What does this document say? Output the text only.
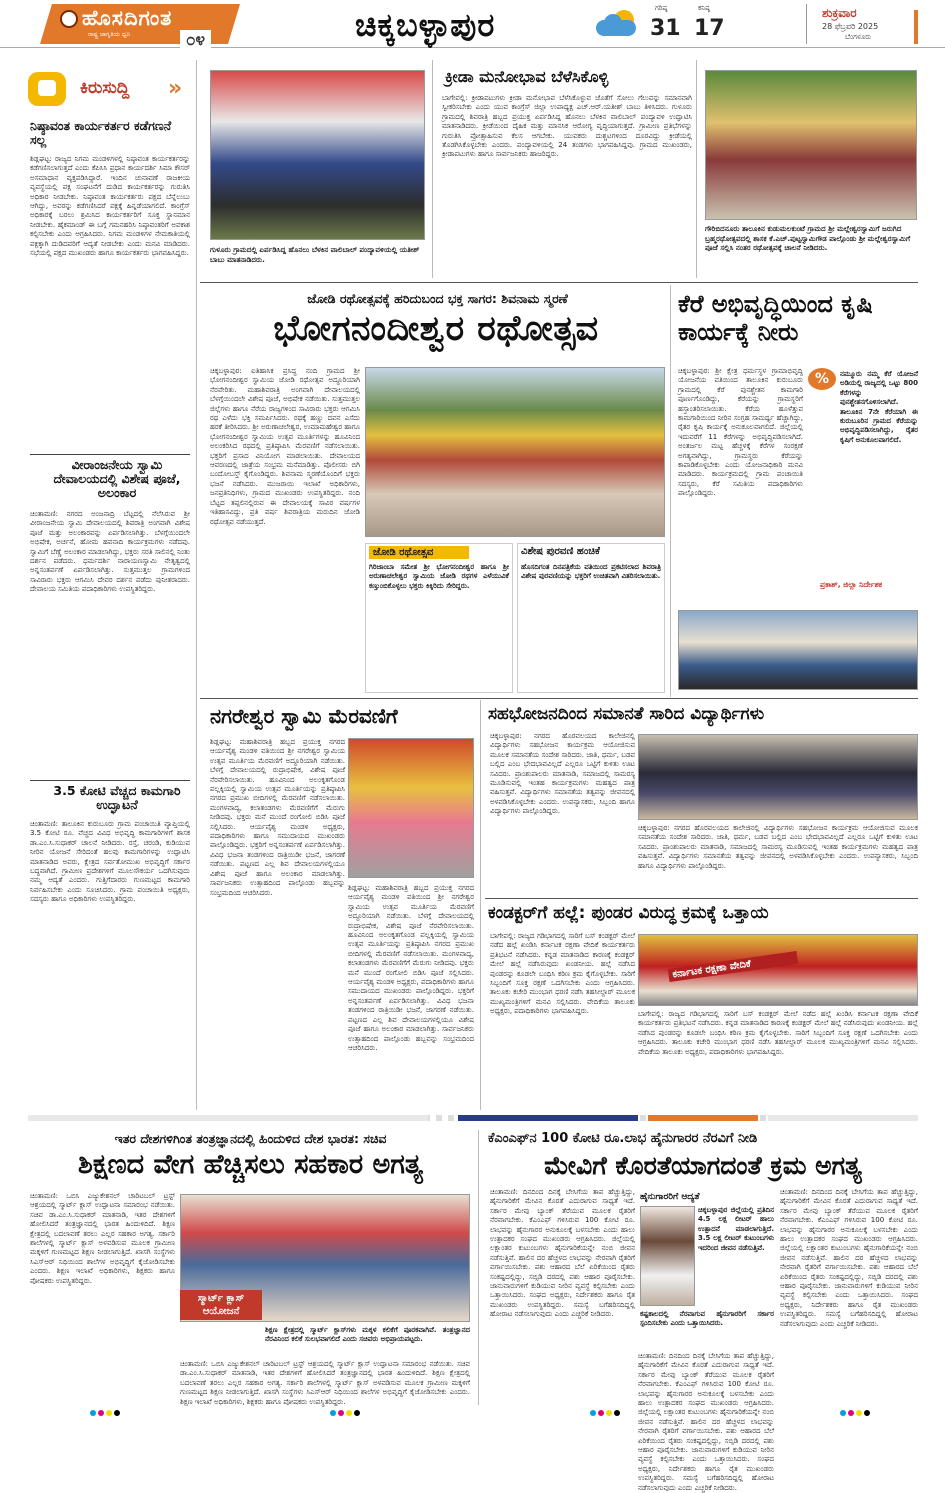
ಹೊಸದಿಗಂತ
ರಾಷ್ಟ್ರ ಜಾಗೃತಿಯ ಧ್ವನಿ	೦೪	ಚಿಕ್ಕಬಳ್ಳಾಪುರ	ಗರಿಷ್ಠ
31
ಕನಿಷ್ಠ
17
ಶುಕ್ರವಾರ
28 ಫೆಬ್ರವರಿ 2025
ಬೆಂಗಳೂರು
ಕಿರುಸುದ್ದಿ »
ನಿಷ್ಠಾವಂತ ಕಾರ್ಯಕರ್ತರ ಕಡೆಗಣನೆ ಸಲ್ಲ
ಶಿಡ್ಲಘಟ್ಟ: ರಾಜ್ಯದ ನಿಗಮ ಮಂಡಳಿಗಳಲ್ಲಿ ನಿಷ್ಠಾವಂತ ಕಾರ್ಯಕರ್ತರನ್ನು ಕಡೆಗಣಿಸಲಾಗುತ್ತದೆ ಎಂದು ಕೆಪಿಸಿಸಿ ಪ್ರಧಾನ ಕಾರ್ಯದರ್ಶಿ ಸಿಮಾ ಕೌಸರ್ ಅಸಮಾಧಾನ ವ್ಯಕ್ತಪಡಿಸಿದ್ದಾರೆ. ಇಂದಿನ ಚುನಾವಣೆ ರಾಜಕೀಯ ವ್ಯವಸ್ಥೆಯಲ್ಲಿ ಪಕ್ಷ ಸಂಘಟನೆಗೆ ದುಡಿದ ಕಾರ್ಯಕರ್ತರನ್ನು ಗುರುತಿಸಿ ಅಧಿಕಾರ ನೀಡಬೇಕು. ನಿಷ್ಠಾವಂತ ಕಾರ್ಯಕರ್ತರು ಪಕ್ಷದ ಬೆನ್ನೆಲುಬು ಆಗಿದ್ದು, ಅವರನ್ನು ಕಡೆಗಣಿಸಿದರೆ ಪಕ್ಷಕ್ಕೆ ಹಿನ್ನಡೆಯಾಗಲಿದೆ. ಕಾಂಗ್ರೆಸ್ ಅಧಿಕಾರಕ್ಕೆ ಬರಲು ಶ್ರಮಿಸಿದ ಕಾರ್ಯಕರ್ತರಿಗೆ ಸೂಕ್ತ ಸ್ಥಾನಮಾನ ನೀಡಬೇಕು. ಹೈಕಮಾಂಡ್ ಈ ಬಗ್ಗೆ ಗಮನಹರಿಸಿ ನಿಷ್ಠಾವಂತರಿಗೆ ಅವಕಾಶ ಕಲ್ಪಿಸಬೇಕು ಎಂದು ಆಗ್ರಹಿಸಿದರು. ನಿಗಮ ಮಂಡಳಿಗಳ ನೇಮಕಾತಿಯಲ್ಲಿ ಪಕ್ಷಕ್ಕಾಗಿ ದುಡಿದವರಿಗೆ ಆದ್ಯತೆ ನೀಡಬೇಕು ಎಂದು ಮನವಿ ಮಾಡಿದರು. ಸಭೆಯಲ್ಲಿ ಪಕ್ಷದ ಮುಖಂಡರು ಹಾಗೂ ಕಾರ್ಯಕರ್ತರು ಭಾಗವಹಿಸಿದ್ದರು.
ವೀರಾಂಜನೇಯ ಸ್ವಾಮಿ ದೇವಾಲಯದಲ್ಲಿ ವಿಶೇಷ ಪೂಜೆ, ಅಲಂಕಾರ
ಚಿಂತಾಮಣಿ: ನಗರದ ಅಂಜನಾದ್ರಿ ಬೆಟ್ಟದಲ್ಲಿ ನೆಲೆಸಿರುವ ಶ್ರೀ ವೀರಾಂಜನೇಯ ಸ್ವಾಮಿ ದೇವಾಲಯದಲ್ಲಿ ಶಿವರಾತ್ರಿ ಅಂಗವಾಗಿ ವಿಶೇಷ ಪೂಜೆ ಮತ್ತು ಅಲಂಕಾರವನ್ನು ಏರ್ಪಡಿಸಲಾಗಿತ್ತು. ಬೆಳಗ್ಗೆಯಿಂದಲೇ ಅಭಿಷೇಕ, ಅರ್ಚನೆ, ಹೋಮ ಹವನಾದಿ ಕಾರ್ಯಕ್ರಮಗಳು ನಡೆದವು. ಸ್ವಾಮಿಗೆ ಬೆಣ್ಣೆ ಅಲಂಕಾರ ಮಾಡಲಾಗಿದ್ದು, ಭಕ್ತರು ಸರತಿ ಸಾಲಿನಲ್ಲಿ ನಿಂತು ದರ್ಶನ ಪಡೆದರು. ಧರ್ಮದರ್ಶಿ ನಾರಾಯಣಸ್ವಾಮಿ ನೇತೃತ್ವದಲ್ಲಿ ಅನ್ನಸಂತರ್ಪಣೆ ಏರ್ಪಡಿಸಲಾಗಿತ್ತು. ಸುತ್ತಮುತ್ತಲ ಗ್ರಾಮಗಳಿಂದ ಸಾವಿರಾರು ಭಕ್ತರು ಆಗಮಿಸಿ ದೇವರ ದರ್ಶನ ಪಡೆದು ಪುನೀತರಾದರು. ದೇವಾಲಯ ಸಮಿತಿಯ ಪದಾಧಿಕಾರಿಗಳು ಉಪಸ್ಥಿತರಿದ್ದರು.
3.5 ಕೋಟಿ ವೆಚ್ಚದ ಕಾಮಗಾರಿ ಉದ್ಘಾಟನೆ
ಚಿಂತಾಮಣಿ: ತಾಲೂಕಿನ ಕುರುಬೂರು ಗ್ರಾಮ ಪಂಚಾಯಿತಿ ವ್ಯಾಪ್ತಿಯಲ್ಲಿ 3.5 ಕೋಟಿ ರೂ. ವೆಚ್ಚದ ವಿವಿಧ ಅಭಿವೃದ್ಧಿ ಕಾಮಗಾರಿಗಳಿಗೆ ಶಾಸಕ ಡಾ.ಎಂ.ಸಿ.ಸುಧಾಕರ್ ಚಾಲನೆ ನೀಡಿದರು. ರಸ್ತೆ, ಚರಂಡಿ, ಕುಡಿಯುವ ನೀರಿನ ಯೋಜನೆ ಸೇರಿದಂತೆ ಹಲವು ಕಾಮಗಾರಿಗಳನ್ನು ಉದ್ಘಾಟಿಸಿ ಮಾತನಾಡಿದ ಅವರು, ಕ್ಷೇತ್ರದ ಸರ್ವತೋಮುಖ ಅಭಿವೃದ್ಧಿಗೆ ಸರ್ಕಾರ ಬದ್ಧವಾಗಿದೆ. ಗ್ರಾಮೀಣ ಪ್ರದೇಶಗಳಿಗೆ ಮೂಲಸೌಕರ್ಯ ಒದಗಿಸುವುದು ನಮ್ಮ ಆದ್ಯತೆ ಎಂದರು. ಗುತ್ತಿಗೆದಾರರು ಗುಣಮಟ್ಟದ ಕಾಮಗಾರಿ ನಿರ್ವಹಿಸಬೇಕು ಎಂದು ಸೂಚಿಸಿದರು. ಗ್ರಾಮ ಪಂಚಾಯಿತಿ ಅಧ್ಯಕ್ಷರು, ಸದಸ್ಯರು ಹಾಗೂ ಅಧಿಕಾರಿಗಳು ಉಪಸ್ಥಿತರಿದ್ದರು.
ಗುಳೂರು ಗ್ರಾಮದಲ್ಲಿ ಏರ್ಪಡಿಸಿದ್ದ ಹೊನಲು ಬೆಳಕಿನ ವಾಲಿಬಾಲ್ ಪಂದ್ಯಾವಳಿಯಲ್ಲಿ ಯತೀಶ್ ಬಾಬು ಮಾತನಾಡಿದರು.
ಕ್ರೀಡಾ ಮನೋಭಾವ ಬೆಳೆಸಿಕೊಳ್ಳಿ
ಬಾಗೇಪಲ್ಲಿ: ಕ್ರೀಡಾಪಟುಗಳು ಕ್ರೀಡಾ ಮನೋಭಾವ ಬೆಳೆಸಿಕೊಳ್ಳುವ ಜೊತೆಗೆ ಸೋಲು ಗೆಲುವನ್ನು ಸಮಾನವಾಗಿ ಸ್ವೀಕರಿಸಬೇಕು ಎಂದು ಯುವ ಕಾಂಗ್ರೆಸ್ ಜಿಲ್ಲಾ ಉಪಾಧ್ಯಕ್ಷ ಎಚ್.ಆರ್.ಯತೀಶ್ ಬಾಬು ತಿಳಿಸಿದರು. ಗುಳೂರು ಗ್ರಾಮದಲ್ಲಿ ಶಿವರಾತ್ರಿ ಹಬ್ಬದ ಪ್ರಯುಕ್ತ ಏರ್ಪಡಿಸಿದ್ದ ಹೊನಲು ಬೆಳಕಿನ ವಾಲಿಬಾಲ್ ಪಂದ್ಯಾವಳಿ ಉದ್ಘಾಟಿಸಿ ಮಾತನಾಡಿದರು. ಕ್ರೀಡೆಯಿಂದ ದೈಹಿಕ ಮತ್ತು ಮಾನಸಿಕ ಆರೋಗ್ಯ ವೃದ್ಧಿಯಾಗುತ್ತದೆ. ಗ್ರಾಮೀಣ ಪ್ರತಿಭೆಗಳನ್ನು ಗುರುತಿಸಿ ಪ್ರೋತ್ಸಾಹಿಸುವ ಕೆಲಸ ಆಗಬೇಕು. ಯುವಕರು ದುಶ್ಚಟಗಳಿಂದ ದೂರವಿದ್ದು ಕ್ರೀಡೆಯಲ್ಲಿ ತೊಡಗಿಸಿಕೊಳ್ಳಬೇಕು ಎಂದರು. ಪಂದ್ಯಾವಳಿಯಲ್ಲಿ 24 ತಂಡಗಳು ಭಾಗವಹಿಸಿದ್ದವು. ಗ್ರಾಮದ ಮುಖಂಡರು, ಕ್ರೀಡಾಪಟುಗಳು ಹಾಗೂ ಸಾರ್ವಜನಿಕರು ಹಾಜರಿದ್ದರು.
ಗೌರಿಬಿದನೂರು ತಾಲೂಕಿನ ಕುಡುಮಲಕುಂಟೆ ಗ್ರಾಮದ ಶ್ರೀ ಮಲ್ಲೇಶ್ವರಸ್ವಾಮಿಗೆ ಜರುಗಿದ ಬ್ರಹ್ಮರಥೋತ್ಸವದಲ್ಲಿ ಶಾಸಕ ಕೆ.ಎಚ್.ಪುಟ್ಟಸ್ವಾಮಿಗೌಡ ಪಾಲ್ಗೊಂಡು ಶ್ರೀ ಮಲ್ಲೇಶ್ವರಸ್ವಾಮಿಗೆ ಪೂಜೆ ಸಲ್ಲಿಸಿ ನಂತರ ರಥೋತ್ಸವಕ್ಕೆ ಚಾಲನೆ ನೀಡಿದರು.
ಜೋಡಿ ರಥೋತ್ಸವಕ್ಕೆ ಹರಿದುಬಂದ ಭಕ್ತ ಸಾಗರ: ಶಿವನಾಮ ಸ್ಮರಣೆ
ಭೋಗನಂದೀಶ್ವರ ರಥೋತ್ಸವ
ಚಿಕ್ಕಬಳ್ಳಾಪುರ: ಐತಿಹಾಸಿಕ ಪ್ರಸಿದ್ಧ ನಂದಿ ಗ್ರಾಮದ ಶ್ರೀ ಭೋಗನಂದೀಶ್ವರ ಸ್ವಾಮಿಯ ಜೋಡಿ ರಥೋತ್ಸವ ಅದ್ಧೂರಿಯಾಗಿ ನೆರವೇರಿತು. ಮಹಾಶಿವರಾತ್ರಿ ಅಂಗವಾಗಿ ದೇವಾಲಯದಲ್ಲಿ ಬೆಳಗ್ಗೆಯಿಂದಲೇ ವಿಶೇಷ ಪೂಜೆ, ಅಭಿಷೇಕ ನಡೆಯಿತು. ಸುತ್ತಮುತ್ತಲ ಜಿಲ್ಲೆಗಳು ಹಾಗೂ ನೆರೆಯ ರಾಜ್ಯಗಳಿಂದ ಸಾವಿರಾರು ಭಕ್ತರು ಆಗಮಿಸಿ ರಥ ಎಳೆದು ಭಕ್ತಿ ಸಮರ್ಪಿಸಿದರು. ರಥಕ್ಕೆ ಹಣ್ಣು ದವನ ಎಸೆದು ಹರಕೆ ತೀರಿಸಿದರು. ಶ್ರೀ ಅರುಣಾಚಲೇಶ್ವರ, ಉಮಾಮಹೇಶ್ವರ ಹಾಗೂ ಭೋಗನಂದೀಶ್ವರ ಸ್ವಾಮಿಯ ಉತ್ಸವ ಮೂರ್ತಿಗಳನ್ನು ಹೂವಿನಿಂದ ಅಲಂಕರಿಸಿದ ರಥದಲ್ಲಿ ಪ್ರತಿಷ್ಠಾಪಿಸಿ ಮೆರವಣಿಗೆ ನಡೆಸಲಾಯಿತು. ಭಕ್ತರಿಗೆ ಪ್ರಸಾದ ವಿನಿಯೋಗ ಮಾಡಲಾಯಿತು. ದೇವಾಲಯದ ಆವರಣದಲ್ಲಿ ಜಾತ್ರೆಯ ಸಂಭ್ರಮ ಮನೆಮಾಡಿತ್ತು. ಪೊಲೀಸರು ಬಿಗಿ ಬಂದೋಬಸ್ತ್ ಕೈಗೊಂಡಿದ್ದರು. ಶಿವನಾಮ ಸ್ಮರಣೆಯೊಂದಿಗೆ ಭಕ್ತರು ಭಜನೆ ನಡೆಸಿದರು. ಮುಜರಾಯಿ ಇಲಾಖೆ ಅಧಿಕಾರಿಗಳು, ಜನಪ್ರತಿನಿಧಿಗಳು, ಗ್ರಾಮದ ಮುಖಂಡರು ಉಪಸ್ಥಿತರಿದ್ದರು. ನಂದಿ ಬೆಟ್ಟದ ತಪ್ಪಲಿನಲ್ಲಿರುವ ಈ ದೇವಾಲಯಕ್ಕೆ ಸಾವಿರ ವರ್ಷಗಳ ಇತಿಹಾಸವಿದ್ದು, ಪ್ರತಿ ವರ್ಷ ಶಿವರಾತ್ರಿಯ ಮರುದಿನ ಜೋಡಿ ರಥೋತ್ಸವ ನಡೆಯುತ್ತದೆ.
ಜೋಡಿ ರಥೋತ್ಸವ
ಗಿರಿಜಾಂಬಾ ಸಮೇತ ಶ್ರೀ ಭೋಗನಂದೀಶ್ವರ ಹಾಗೂ ಶ್ರೀ ಅರುಣಾಚಲೇಶ್ವರ ಸ್ವಾಮಿಯ ಜೋಡಿ ರಥಗಳ ಎಳೆಯುವಿಕೆ ಕಣ್ತುಂಬಿಕೊಳ್ಳಲು ಭಕ್ತರು ಕಿಕ್ಕಿರಿದು ಸೇರಿದ್ದರು.
ವಿಶೇಷ ಪುರವಣಿ ಹಂಚಿಕೆ
ಹೊಸದಿಗಂತ ದಿನಪತ್ರಿಕೆಯ ವತಿಯಿಂದ ಪ್ರಕಟಿಸಲಾದ ಶಿವರಾತ್ರಿ ವಿಶೇಷ ಪುರವಣಿಯನ್ನು ಭಕ್ತರಿಗೆ ಉಚಿತವಾಗಿ ವಿತರಿಸಲಾಯಿತು.
ಕೆರೆ ಅಭಿವೃದ್ಧಿಯಿಂದ ಕೃಷಿ ಕಾರ್ಯಕ್ಕೆ ನೀರು
ಚಿಕ್ಕಬಳ್ಳಾಪುರ: ಶ್ರೀ ಕ್ಷೇತ್ರ ಧರ್ಮಸ್ಥಳ ಗ್ರಾಮಾಭಿವೃದ್ಧಿ ಯೋಜನೆಯ ವತಿಯಿಂದ ತಾಲೂಕಿನ ಕುರುಬೂರು ಗ್ರಾಮದಲ್ಲಿ ಕೆರೆ ಪುನಶ್ಚೇತನ ಕಾಮಗಾರಿ ಪೂರ್ಣಗೊಂಡಿದ್ದು, ಕೆರೆಯನ್ನು ಗ್ರಾಮಸ್ಥರಿಗೆ ಹಸ್ತಾಂತರಿಸಲಾಯಿತು. ಕೆರೆಯ ಹೂಳೆತ್ತುವ ಕಾಮಗಾರಿಯಿಂದ ನೀರಿನ ಸಂಗ್ರಹ ಸಾಮರ್ಥ್ಯ ಹೆಚ್ಚಾಗಿದ್ದು, ರೈತರ ಕೃಷಿ ಕಾರ್ಯಕ್ಕೆ ಅನುಕೂಲವಾಗಲಿದೆ. ಜಿಲ್ಲೆಯಲ್ಲಿ ಇದುವರೆಗೆ 11 ಕೆರೆಗಳನ್ನು ಅಭಿವೃದ್ಧಿಪಡಿಸಲಾಗಿದೆ. ಅಂತರ್ಜಲ ಮಟ್ಟ ಹೆಚ್ಚಳಕ್ಕೆ ಕೆರೆಗಳ ಸಂರಕ್ಷಣೆ ಅಗತ್ಯವಾಗಿದ್ದು, ಗ್ರಾಮಸ್ಥರು ಕೆರೆಯನ್ನು ಕಾಪಾಡಿಕೊಳ್ಳಬೇಕು ಎಂದು ಯೋಜನಾಧಿಕಾರಿ ಮನವಿ ಮಾಡಿದರು. ಕಾರ್ಯಕ್ರಮದಲ್ಲಿ ಗ್ರಾಮ ಪಂಚಾಯಿತಿ ಸದಸ್ಯರು, ಕೆರೆ ಸಮಿತಿಯ ಪದಾಧಿಕಾರಿಗಳು ಪಾಲ್ಗೊಂಡಿದ್ದರು.
%	ನಮ್ಮೂರು ನಮ್ಮ ಕೆರೆ ಯೋಜನೆ ಅಡಿಯಲ್ಲಿ ರಾಜ್ಯದಲ್ಲಿ ಒಟ್ಟು 800 ಕೆರೆಗಳನ್ನು ಪುನಶ್ಚೇತನಗೊಳಿಸಲಾಗಿದೆ. ತಾಲೂಕಿನ 7ನೇ ಕೆರೆಯಾಗಿ ಈ ಕುರುಬೂರಿನ ಗ್ರಾಮದ ಕೆರೆಯನ್ನು ಅಭಿವೃದ್ಧಿಪಡಿಸಲಾಗಿದ್ದು, ರೈತರ ಕೃಷಿಗೆ ಅನುಕೂಲವಾಗಲಿದೆ.
ಪ್ರಕಾಶ್, ಜಿಲ್ಲಾ ನಿರ್ದೇಶಕ
ನಗರೇಶ್ವರ ಸ್ವಾಮಿ ಮೆರವಣಿಗೆ
ಶಿಡ್ಲಘಟ್ಟ: ಮಹಾಶಿವರಾತ್ರಿ ಹಬ್ಬದ ಪ್ರಯುಕ್ತ ನಗರದ ಆರ್ಯವೈಶ್ಯ ಮಂಡಳಿ ವತಿಯಿಂದ ಶ್ರೀ ನಗರೇಶ್ವರ ಸ್ವಾಮಿಯ ಉತ್ಸವ ಮೂರ್ತಿಯ ಮೆರವಣಿಗೆ ಅದ್ಧೂರಿಯಾಗಿ ನಡೆಯಿತು. ಬೆಳಗ್ಗೆ ದೇವಾಲಯದಲ್ಲಿ ರುದ್ರಾಭಿಷೇಕ, ವಿಶೇಷ ಪೂಜೆ ನೆರವೇರಿಸಲಾಯಿತು. ಹೂವಿನಿಂದ ಅಲಂಕೃತಗೊಂಡ ಪಲ್ಲಕ್ಕಿಯಲ್ಲಿ ಸ್ವಾಮಿಯ ಉತ್ಸವ ಮೂರ್ತಿಯನ್ನು ಪ್ರತಿಷ್ಠಾಪಿಸಿ ನಗರದ ಪ್ರಮುಖ ಬೀದಿಗಳಲ್ಲಿ ಮೆರವಣಿಗೆ ನಡೆಸಲಾಯಿತು. ಮಂಗಳವಾದ್ಯ, ಕಲಾತಂಡಗಳು ಮೆರವಣಿಗೆಗೆ ಮೆರುಗು ನೀಡಿದವು. ಭಕ್ತರು ಮನೆ ಮುಂದೆ ರಂಗೋಲಿ ಬಿಡಿಸಿ ಪೂಜೆ ಸಲ್ಲಿಸಿದರು. ಆರ್ಯವೈಶ್ಯ ಮಂಡಳಿ ಅಧ್ಯಕ್ಷರು, ಪದಾಧಿಕಾರಿಗಳು ಹಾಗೂ ಸಮುದಾಯದ ಮುಖಂಡರು ಪಾಲ್ಗೊಂಡಿದ್ದರು. ಭಕ್ತರಿಗೆ ಅನ್ನಸಂತರ್ಪಣೆ ಏರ್ಪಡಿಸಲಾಗಿತ್ತು. ವಿವಿಧ ಭಜನಾ ತಂಡಗಳಿಂದ ರಾತ್ರಿಯಿಡೀ ಭಜನೆ, ಜಾಗರಣೆ ನಡೆಯಿತು. ಪಟ್ಟಣದ ಎಲ್ಲ ಶಿವ ದೇವಾಲಯಗಳಲ್ಲಿಯೂ ವಿಶೇಷ ಪೂಜೆ ಹಾಗೂ ಅಲಂಕಾರ ಮಾಡಲಾಗಿತ್ತು. ಸಾರ್ವಜನಿಕರು ಉತ್ಸಾಹದಿಂದ ಪಾಲ್ಗೊಂಡು ಹಬ್ಬವನ್ನು ಸಂಭ್ರಮದಿಂದ ಆಚರಿಸಿದರು.
ಶಿಡ್ಲಘಟ್ಟ: ಮಹಾಶಿವರಾತ್ರಿ ಹಬ್ಬದ ಪ್ರಯುಕ್ತ ನಗರದ ಆರ್ಯವೈಶ್ಯ ಮಂಡಳಿ ವತಿಯಿಂದ ಶ್ರೀ ನಗರೇಶ್ವರ ಸ್ವಾಮಿಯ ಉತ್ಸವ ಮೂರ್ತಿಯ ಮೆರವಣಿಗೆ ಅದ್ಧೂರಿಯಾಗಿ ನಡೆಯಿತು. ಬೆಳಗ್ಗೆ ದೇವಾಲಯದಲ್ಲಿ ರುದ್ರಾಭಿಷೇಕ, ವಿಶೇಷ ಪೂಜೆ ನೆರವೇರಿಸಲಾಯಿತು. ಹೂವಿನಿಂದ ಅಲಂಕೃತಗೊಂಡ ಪಲ್ಲಕ್ಕಿಯಲ್ಲಿ ಸ್ವಾಮಿಯ ಉತ್ಸವ ಮೂರ್ತಿಯನ್ನು ಪ್ರತಿಷ್ಠಾಪಿಸಿ ನಗರದ ಪ್ರಮುಖ ಬೀದಿಗಳಲ್ಲಿ ಮೆರವಣಿಗೆ ನಡೆಸಲಾಯಿತು. ಮಂಗಳವಾದ್ಯ, ಕಲಾತಂಡಗಳು ಮೆರವಣಿಗೆಗೆ ಮೆರುಗು ನೀಡಿದವು. ಭಕ್ತರು ಮನೆ ಮುಂದೆ ರಂಗೋಲಿ ಬಿಡಿಸಿ ಪೂಜೆ ಸಲ್ಲಿಸಿದರು. ಆರ್ಯವೈಶ್ಯ ಮಂಡಳಿ ಅಧ್ಯಕ್ಷರು, ಪದಾಧಿಕಾರಿಗಳು ಹಾಗೂ ಸಮುದಾಯದ ಮುಖಂಡರು ಪಾಲ್ಗೊಂಡಿದ್ದರು. ಭಕ್ತರಿಗೆ ಅನ್ನಸಂತರ್ಪಣೆ ಏರ್ಪಡಿಸಲಾಗಿತ್ತು. ವಿವಿಧ ಭಜನಾ ತಂಡಗಳಿಂದ ರಾತ್ರಿಯಿಡೀ ಭಜನೆ, ಜಾಗರಣೆ ನಡೆಯಿತು. ಪಟ್ಟಣದ ಎಲ್ಲ ಶಿವ ದೇವಾಲಯಗಳಲ್ಲಿಯೂ ವಿಶೇಷ ಪೂಜೆ ಹಾಗೂ ಅಲಂಕಾರ ಮಾಡಲಾಗಿತ್ತು. ಸಾರ್ವಜನಿಕರು ಉತ್ಸಾಹದಿಂದ ಪಾಲ್ಗೊಂಡು ಹಬ್ಬವನ್ನು ಸಂಭ್ರಮದಿಂದ ಆಚರಿಸಿದರು.
ಸಹಭೋಜನದಿಂದ ಸಮಾನತೆ ಸಾರಿದ ವಿದ್ಯಾರ್ಥಿಗಳು
ಚಿಕ್ಕಬಳ್ಳಾಪುರ: ನಗರದ ಹೊರವಲಯದ ಕಾಲೇಜಿನಲ್ಲಿ ವಿದ್ಯಾರ್ಥಿಗಳು ಸಹಭೋಜನ ಕಾರ್ಯಕ್ರಮ ಆಯೋಜಿಸುವ ಮೂಲಕ ಸಮಾನತೆಯ ಸಂದೇಶ ಸಾರಿದರು. ಜಾತಿ, ಧರ್ಮ, ಬಡವ ಬಲ್ಲಿದ ಎಂಬ ಭೇದಭಾವವಿಲ್ಲದೆ ಎಲ್ಲರೂ ಒಟ್ಟಿಗೆ ಕುಳಿತು ಊಟ ಸವಿದರು. ಪ್ರಾಂಶುಪಾಲರು ಮಾತನಾಡಿ, ಸಮಾಜದಲ್ಲಿ ಸಾಮರಸ್ಯ ಮೂಡಿಸುವಲ್ಲಿ ಇಂತಹ ಕಾರ್ಯಕ್ರಮಗಳು ಮಹತ್ವದ ಪಾತ್ರ ವಹಿಸುತ್ತವೆ. ವಿದ್ಯಾರ್ಥಿಗಳು ಸಮಾನತೆಯ ತತ್ವವನ್ನು ಜೀವನದಲ್ಲಿ ಅಳವಡಿಸಿಕೊಳ್ಳಬೇಕು ಎಂದರು. ಉಪನ್ಯಾಸಕರು, ಸಿಬ್ಬಂದಿ ಹಾಗೂ ವಿದ್ಯಾರ್ಥಿಗಳು ಪಾಲ್ಗೊಂಡಿದ್ದರು.
ಚಿಕ್ಕಬಳ್ಳಾಪುರ: ನಗರದ ಹೊರವಲಯದ ಕಾಲೇಜಿನಲ್ಲಿ ವಿದ್ಯಾರ್ಥಿಗಳು ಸಹಭೋಜನ ಕಾರ್ಯಕ್ರಮ ಆಯೋಜಿಸುವ ಮೂಲಕ ಸಮಾನತೆಯ ಸಂದೇಶ ಸಾರಿದರು. ಜಾತಿ, ಧರ್ಮ, ಬಡವ ಬಲ್ಲಿದ ಎಂಬ ಭೇದಭಾವವಿಲ್ಲದೆ ಎಲ್ಲರೂ ಒಟ್ಟಿಗೆ ಕುಳಿತು ಊಟ ಸವಿದರು. ಪ್ರಾಂಶುಪಾಲರು ಮಾತನಾಡಿ, ಸಮಾಜದಲ್ಲಿ ಸಾಮರಸ್ಯ ಮೂಡಿಸುವಲ್ಲಿ ಇಂತಹ ಕಾರ್ಯಕ್ರಮಗಳು ಮಹತ್ವದ ಪಾತ್ರ ವಹಿಸುತ್ತವೆ. ವಿದ್ಯಾರ್ಥಿಗಳು ಸಮಾನತೆಯ ತತ್ವವನ್ನು ಜೀವನದಲ್ಲಿ ಅಳವಡಿಸಿಕೊಳ್ಳಬೇಕು ಎಂದರು. ಉಪನ್ಯಾಸಕರು, ಸಿಬ್ಬಂದಿ ಹಾಗೂ ವಿದ್ಯಾರ್ಥಿಗಳು ಪಾಲ್ಗೊಂಡಿದ್ದರು.
ಕಂಡಕ್ಟರ್‌ಗೆ ಹಲ್ಲೆ: ಪುಂಡರ ವಿರುದ್ಧ ಕ್ರಮಕ್ಕೆ ಒತ್ತಾಯ
ಬಾಗೇಪಲ್ಲಿ: ರಾಜ್ಯದ ಗಡಿಭಾಗದಲ್ಲಿ ಸಾರಿಗೆ ಬಸ್ ಕಂಡಕ್ಟರ್ ಮೇಲೆ ನಡೆದ ಹಲ್ಲೆ ಖಂಡಿಸಿ ಕರ್ನಾಟಕ ರಕ್ಷಣಾ ವೇದಿಕೆ ಕಾರ್ಯಕರ್ತರು ಪ್ರತಿಭಟನೆ ನಡೆಸಿದರು. ಕನ್ನಡ ಮಾತನಾಡಿದ ಕಾರಣಕ್ಕೆ ಕಂಡಕ್ಟರ್ ಮೇಲೆ ಹಲ್ಲೆ ನಡೆಸಿರುವುದು ಖಂಡನೀಯ. ಹಲ್ಲೆ ನಡೆಸಿದ ಪುಂಡರನ್ನು ಕೂಡಲೇ ಬಂಧಿಸಿ ಕಠಿಣ ಕ್ರಮ ಕೈಗೊಳ್ಳಬೇಕು. ಸಾರಿಗೆ ಸಿಬ್ಬಂದಿಗೆ ಸೂಕ್ತ ರಕ್ಷಣೆ ಒದಗಿಸಬೇಕು ಎಂದು ಆಗ್ರಹಿಸಿದರು. ತಾಲೂಕು ಕಚೇರಿ ಮುಂಭಾಗ ಧರಣಿ ನಡೆಸಿ ತಹಸೀಲ್ದಾರ್ ಮೂಲಕ ಮುಖ್ಯಮಂತ್ರಿಗಳಿಗೆ ಮನವಿ ಸಲ್ಲಿಸಿದರು. ವೇದಿಕೆಯ ತಾಲೂಕು ಅಧ್ಯಕ್ಷರು, ಪದಾಧಿಕಾರಿಗಳು ಭಾಗವಹಿಸಿದ್ದರು.
ಕರ್ನಾಟಕ ರಕ್ಷಣಾ ವೇದಿಕೆ
ಬಾಗೇಪಲ್ಲಿ: ರಾಜ್ಯದ ಗಡಿಭಾಗದಲ್ಲಿ ಸಾರಿಗೆ ಬಸ್ ಕಂಡಕ್ಟರ್ ಮೇಲೆ ನಡೆದ ಹಲ್ಲೆ ಖಂಡಿಸಿ ಕರ್ನಾಟಕ ರಕ್ಷಣಾ ವೇದಿಕೆ ಕಾರ್ಯಕರ್ತರು ಪ್ರತಿಭಟನೆ ನಡೆಸಿದರು. ಕನ್ನಡ ಮಾತನಾಡಿದ ಕಾರಣಕ್ಕೆ ಕಂಡಕ್ಟರ್ ಮೇಲೆ ಹಲ್ಲೆ ನಡೆಸಿರುವುದು ಖಂಡನೀಯ. ಹಲ್ಲೆ ನಡೆಸಿದ ಪುಂಡರನ್ನು ಕೂಡಲೇ ಬಂಧಿಸಿ ಕಠಿಣ ಕ್ರಮ ಕೈಗೊಳ್ಳಬೇಕು. ಸಾರಿಗೆ ಸಿಬ್ಬಂದಿಗೆ ಸೂಕ್ತ ರಕ್ಷಣೆ ಒದಗಿಸಬೇಕು ಎಂದು ಆಗ್ರಹಿಸಿದರು. ತಾಲೂಕು ಕಚೇರಿ ಮುಂಭಾಗ ಧರಣಿ ನಡೆಸಿ ತಹಸೀಲ್ದಾರ್ ಮೂಲಕ ಮುಖ್ಯಮಂತ್ರಿಗಳಿಗೆ ಮನವಿ ಸಲ್ಲಿಸಿದರು. ವೇದಿಕೆಯ ತಾಲೂಕು ಅಧ್ಯಕ್ಷರು, ಪದಾಧಿಕಾರಿಗಳು ಭಾಗವಹಿಸಿದ್ದರು.
ಇತರ ದೇಶಗಳಿಗಿಂತ ತಂತ್ರಜ್ಞಾನದಲ್ಲಿ ಹಿಂದುಳಿದ ದೇಶ ಭಾರತ: ಸಚಿವ
ಶಿಕ್ಷಣದ ವೇಗ ಹೆಚ್ಚಿಸಲು ಸಹಕಾರ ಅಗತ್ಯ
ಚಿಂತಾಮಣಿ: ಒಬಿಸಿ ಎಜ್ಯುಕೇಶನಲ್ ಚಾರಿಟಬಲ್ ಟ್ರಸ್ಟ್ ಆಶ್ರಯದಲ್ಲಿ ಸ್ಮಾರ್ಟ್ ಕ್ಲಾಸ್ ಉದ್ಘಾಟನಾ ಸಮಾರಂಭ ನಡೆಯಿತು. ಸಚಿವ ಡಾ.ಎಂ.ಸಿ.ಸುಧಾಕರ್ ಮಾತನಾಡಿ, ಇತರ ದೇಶಗಳಿಗೆ ಹೋಲಿಸಿದರೆ ತಂತ್ರಜ್ಞಾನದಲ್ಲಿ ಭಾರತ ಹಿಂದುಳಿದಿದೆ. ಶಿಕ್ಷಣ ಕ್ಷೇತ್ರದಲ್ಲಿ ಬದಲಾವಣೆ ತರಲು ಎಲ್ಲರ ಸಹಕಾರ ಅಗತ್ಯ. ಸರ್ಕಾರಿ ಶಾಲೆಗಳಲ್ಲಿ ಸ್ಮಾರ್ಟ್ ಕ್ಲಾಸ್ ಅಳವಡಿಸುವ ಮೂಲಕ ಗ್ರಾಮೀಣ ಮಕ್ಕಳಿಗೆ ಗುಣಮಟ್ಟದ ಶಿಕ್ಷಣ ನೀಡಲಾಗುತ್ತಿದೆ. ಖಾಸಗಿ ಸಂಸ್ಥೆಗಳು ಸಿಎಸ್‌ಆರ್ ನಿಧಿಯಿಂದ ಶಾಲೆಗಳ ಅಭಿವೃದ್ಧಿಗೆ ಕೈಜೋಡಿಸಬೇಕು ಎಂದರು. ಶಿಕ್ಷಣ ಇಲಾಖೆ ಅಧಿಕಾರಿಗಳು, ಶಿಕ್ಷಕರು ಹಾಗೂ ಪೋಷಕರು ಉಪಸ್ಥಿತರಿದ್ದರು.
ಸ್ಮಾರ್ಟ್ ಕ್ಲಾಸ್ ಆಯೋಜನೆ
ಶಿಕ್ಷಣ ಕ್ಷೇತ್ರದಲ್ಲಿ ಸ್ಮಾರ್ಟ್ ಕ್ಲಾಸ್‌ಗಳು ಮಕ್ಕಳ ಕಲಿಕೆಗೆ ಪೂರಕವಾಗಿವೆ. ತಂತ್ರಜ್ಞಾನದ ನೆರವಿನಿಂದ ಕಲಿಕೆ ಸುಲಭವಾಗಲಿದೆ ಎಂದು ಸಚಿವರು ಅಭಿಪ್ರಾಯಪಟ್ಟರು.
ಚಿಂತಾಮಣಿ: ಒಬಿಸಿ ಎಜ್ಯುಕೇಶನಲ್ ಚಾರಿಟಬಲ್ ಟ್ರಸ್ಟ್ ಆಶ್ರಯದಲ್ಲಿ ಸ್ಮಾರ್ಟ್ ಕ್ಲಾಸ್ ಉದ್ಘಾಟನಾ ಸಮಾರಂಭ ನಡೆಯಿತು. ಸಚಿವ ಡಾ.ಎಂ.ಸಿ.ಸುಧಾಕರ್ ಮಾತನಾಡಿ, ಇತರ ದೇಶಗಳಿಗೆ ಹೋಲಿಸಿದರೆ ತಂತ್ರಜ್ಞಾನದಲ್ಲಿ ಭಾರತ ಹಿಂದುಳಿದಿದೆ. ಶಿಕ್ಷಣ ಕ್ಷೇತ್ರದಲ್ಲಿ ಬದಲಾವಣೆ ತರಲು ಎಲ್ಲರ ಸಹಕಾರ ಅಗತ್ಯ. ಸರ್ಕಾರಿ ಶಾಲೆಗಳಲ್ಲಿ ಸ್ಮಾರ್ಟ್ ಕ್ಲಾಸ್ ಅಳವಡಿಸುವ ಮೂಲಕ ಗ್ರಾಮೀಣ ಮಕ್ಕಳಿಗೆ ಗುಣಮಟ್ಟದ ಶಿಕ್ಷಣ ನೀಡಲಾಗುತ್ತಿದೆ. ಖಾಸಗಿ ಸಂಸ್ಥೆಗಳು ಸಿಎಸ್‌ಆರ್ ನಿಧಿಯಿಂದ ಶಾಲೆಗಳ ಅಭಿವೃದ್ಧಿಗೆ ಕೈಜೋಡಿಸಬೇಕು ಎಂದರು. ಶಿಕ್ಷಣ ಇಲಾಖೆ ಅಧಿಕಾರಿಗಳು, ಶಿಕ್ಷಕರು ಹಾಗೂ ಪೋಷಕರು ಉಪಸ್ಥಿತರಿದ್ದರು.
ಕೆಎಂಎಫ್‌ನ 100 ಕೋಟಿ ರೂ.ಲಾಭ ಹೈನುಗಾರರ ನೆರವಿಗೆ ನೀಡಿ
ಮೇವಿಗೆ ಕೊರತೆಯಾಗದಂತೆ ಕ್ರಮ ಅಗತ್ಯ
ಚಿಂತಾಮಣಿ: ದಿನದಿಂದ ದಿನಕ್ಕೆ ಬೇಸಿಗೆಯ ತಾಪ ಹೆಚ್ಚುತ್ತಿದ್ದು, ಹೈನುಗಾರಿಕೆಗೆ ಮೇವಿನ ಕೊರತೆ ಎದುರಾಗುವ ಸಾಧ್ಯತೆ ಇದೆ. ಸರ್ಕಾರ ಮೇವು ಬ್ಯಾಂಕ್ ತೆರೆಯುವ ಮೂಲಕ ರೈತರಿಗೆ ನೆರವಾಗಬೇಕು. ಕೆಎಂಎಫ್ ಗಳಿಸಿರುವ 100 ಕೋಟಿ ರೂ. ಲಾಭವನ್ನು ಹೈನುಗಾರರ ಅನುಕೂಲಕ್ಕೆ ಬಳಸಬೇಕು ಎಂದು ಹಾಲು ಉತ್ಪಾದಕರ ಸಂಘದ ಮುಖಂಡರು ಆಗ್ರಹಿಸಿದರು. ಜಿಲ್ಲೆಯಲ್ಲಿ ಲಕ್ಷಾಂತರ ಕುಟುಂಬಗಳು ಹೈನುಗಾರಿಕೆಯನ್ನೇ ನಂಬಿ ಜೀವನ ನಡೆಸುತ್ತಿವೆ. ಹಾಲಿನ ದರ ಹೆಚ್ಚಳದ ಲಾಭವನ್ನು ನೇರವಾಗಿ ರೈತರಿಗೆ ವರ್ಗಾಯಿಸಬೇಕು. ಪಶು ಆಹಾರದ ಬೆಲೆ ಏರಿಕೆಯಿಂದ ರೈತರು ಸಂಕಷ್ಟದಲ್ಲಿದ್ದು, ಸಬ್ಸಿಡಿ ದರದಲ್ಲಿ ಪಶು ಆಹಾರ ಪೂರೈಸಬೇಕು. ಜಾನುವಾರುಗಳಿಗೆ ಕುಡಿಯುವ ನೀರಿನ ವ್ಯವಸ್ಥೆ ಕಲ್ಪಿಸಬೇಕು ಎಂದು ಒತ್ತಾಯಿಸಿದರು. ಸಂಘದ ಅಧ್ಯಕ್ಷರು, ನಿರ್ದೇಶಕರು ಹಾಗೂ ರೈತ ಮುಖಂಡರು ಉಪಸ್ಥಿತರಿದ್ದರು. ಸಮಸ್ಯೆ ಬಗೆಹರಿಸದಿದ್ದಲ್ಲಿ ಹೋರಾಟ ನಡೆಸಲಾಗುವುದು ಎಂದು ಎಚ್ಚರಿಕೆ ನೀಡಿದರು.
ಹೈನುಗಾರರಿಗೆ ಆದ್ಯತೆ
ಚಿಕ್ಕಬಳ್ಳಾಪುರ ಜಿಲ್ಲೆಯಲ್ಲಿ ಪ್ರತಿದಿನ 4.5 ಲಕ್ಷ ಲೀಟರ್ ಹಾಲು ಉತ್ಪಾದನೆ ಮಾಡಲಾಗುತ್ತಿದೆ. 3.5 ಲಕ್ಷ ಲೀಟರ್ ಕುಟುಂಬಗಳು ಇದರಿಂದ ಜೀವನ ನಡೆಸುತ್ತಿವೆ.
ಕಷ್ಟಕಾಲದಲ್ಲಿ ನೆರವಾಗುವ ಹೈನುಗಾರರಿಗೆ ಸರ್ಕಾರ ಸ್ಪಂದಿಸಬೇಕು ಎಂದು ಒತ್ತಾಯಿಸಿದರು.
ಚಿಂತಾಮಣಿ: ದಿನದಿಂದ ದಿನಕ್ಕೆ ಬೇಸಿಗೆಯ ತಾಪ ಹೆಚ್ಚುತ್ತಿದ್ದು, ಹೈನುಗಾರಿಕೆಗೆ ಮೇವಿನ ಕೊರತೆ ಎದುರಾಗುವ ಸಾಧ್ಯತೆ ಇದೆ. ಸರ್ಕಾರ ಮೇವು ಬ್ಯಾಂಕ್ ತೆರೆಯುವ ಮೂಲಕ ರೈತರಿಗೆ ನೆರವಾಗಬೇಕು. ಕೆಎಂಎಫ್ ಗಳಿಸಿರುವ 100 ಕೋಟಿ ರೂ. ಲಾಭವನ್ನು ಹೈನುಗಾರರ ಅನುಕೂಲಕ್ಕೆ ಬಳಸಬೇಕು ಎಂದು ಹಾಲು ಉತ್ಪಾದಕರ ಸಂಘದ ಮುಖಂಡರು ಆಗ್ರಹಿಸಿದರು. ಜಿಲ್ಲೆಯಲ್ಲಿ ಲಕ್ಷಾಂತರ ಕುಟುಂಬಗಳು ಹೈನುಗಾರಿಕೆಯನ್ನೇ ನಂಬಿ ಜೀವನ ನಡೆಸುತ್ತಿವೆ. ಹಾಲಿನ ದರ ಹೆಚ್ಚಳದ ಲಾಭವನ್ನು ನೇರವಾಗಿ ರೈತರಿಗೆ ವರ್ಗಾಯಿಸಬೇಕು. ಪಶು ಆಹಾರದ ಬೆಲೆ ಏರಿಕೆಯಿಂದ ರೈತರು ಸಂಕಷ್ಟದಲ್ಲಿದ್ದು, ಸಬ್ಸಿಡಿ ದರದಲ್ಲಿ ಪಶು ಆಹಾರ ಪೂರೈಸಬೇಕು. ಜಾನುವಾರುಗಳಿಗೆ ಕುಡಿಯುವ ನೀರಿನ ವ್ಯವಸ್ಥೆ ಕಲ್ಪಿಸಬೇಕು ಎಂದು ಒತ್ತಾಯಿಸಿದರು. ಸಂಘದ ಅಧ್ಯಕ್ಷರು, ನಿರ್ದೇಶಕರು ಹಾಗೂ ರೈತ ಮುಖಂಡರು ಉಪಸ್ಥಿತರಿದ್ದರು. ಸಮಸ್ಯೆ ಬಗೆಹರಿಸದಿದ್ದಲ್ಲಿ ಹೋರಾಟ ನಡೆಸಲಾಗುವುದು ಎಂದು ಎಚ್ಚರಿಕೆ ನೀಡಿದರು.
ಚಿಂತಾಮಣಿ: ದಿನದಿಂದ ದಿನಕ್ಕೆ ಬೇಸಿಗೆಯ ತಾಪ ಹೆಚ್ಚುತ್ತಿದ್ದು, ಹೈನುಗಾರಿಕೆಗೆ ಮೇವಿನ ಕೊರತೆ ಎದುರಾಗುವ ಸಾಧ್ಯತೆ ಇದೆ. ಸರ್ಕಾರ ಮೇವು ಬ್ಯಾಂಕ್ ತೆರೆಯುವ ಮೂಲಕ ರೈತರಿಗೆ ನೆರವಾಗಬೇಕು. ಕೆಎಂಎಫ್ ಗಳಿಸಿರುವ 100 ಕೋಟಿ ರೂ. ಲಾಭವನ್ನು ಹೈನುಗಾರರ ಅನುಕೂಲಕ್ಕೆ ಬಳಸಬೇಕು ಎಂದು ಹಾಲು ಉತ್ಪಾದಕರ ಸಂಘದ ಮುಖಂಡರು ಆಗ್ರಹಿಸಿದರು. ಜಿಲ್ಲೆಯಲ್ಲಿ ಲಕ್ಷಾಂತರ ಕುಟುಂಬಗಳು ಹೈನುಗಾರಿಕೆಯನ್ನೇ ನಂಬಿ ಜೀವನ ನಡೆಸುತ್ತಿವೆ. ಹಾಲಿನ ದರ ಹೆಚ್ಚಳದ ಲಾಭವನ್ನು ನೇರವಾಗಿ ರೈತರಿಗೆ ವರ್ಗಾಯಿಸಬೇಕು. ಪಶು ಆಹಾರದ ಬೆಲೆ ಏರಿಕೆಯಿಂದ ರೈತರು ಸಂಕಷ್ಟದಲ್ಲಿದ್ದು, ಸಬ್ಸಿಡಿ ದರದಲ್ಲಿ ಪಶು ಆಹಾರ ಪೂರೈಸಬೇಕು. ಜಾನುವಾರುಗಳಿಗೆ ಕುಡಿಯುವ ನೀರಿನ ವ್ಯವಸ್ಥೆ ಕಲ್ಪಿಸಬೇಕು ಎಂದು ಒತ್ತಾಯಿಸಿದರು. ಸಂಘದ ಅಧ್ಯಕ್ಷರು, ನಿರ್ದೇಶಕರು ಹಾಗೂ ರೈತ ಮುಖಂಡರು ಉಪಸ್ಥಿತರಿದ್ದರು. ಸಮಸ್ಯೆ ಬಗೆಹರಿಸದಿದ್ದಲ್ಲಿ ಹೋರಾಟ ನಡೆಸಲಾಗುವುದು ಎಂದು ಎಚ್ಚರಿಕೆ ನೀಡಿದರು.
